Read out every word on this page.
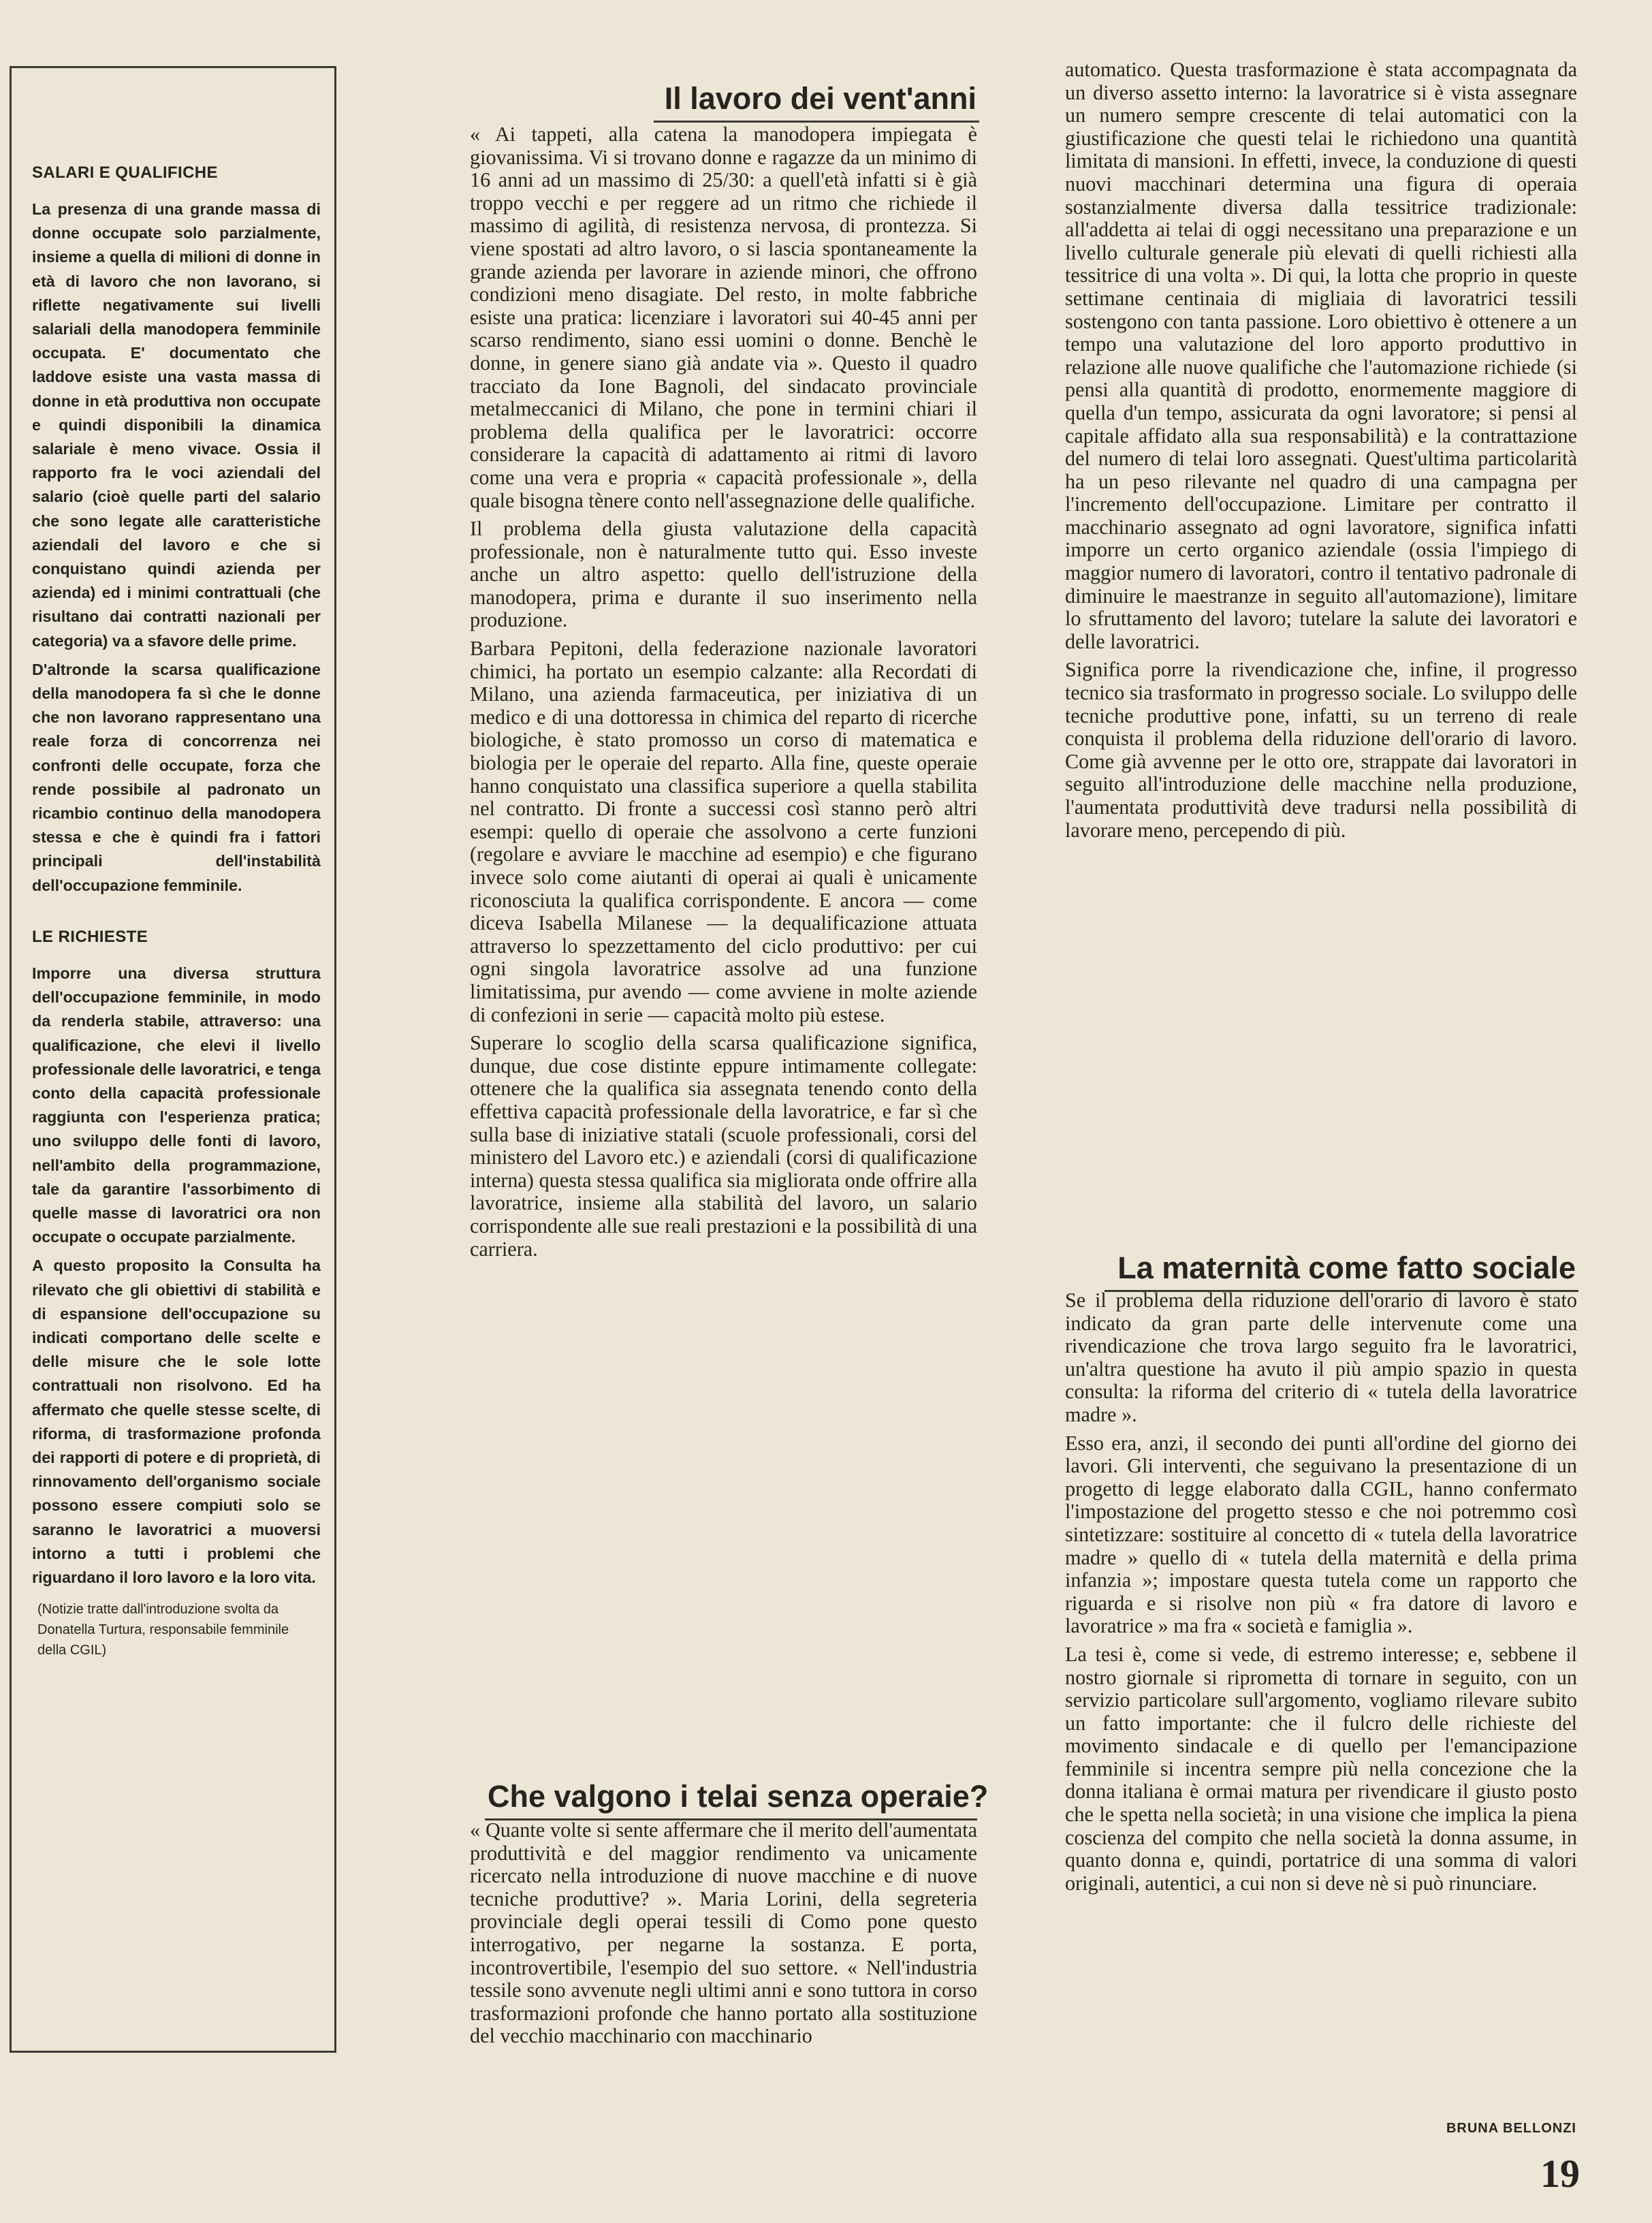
SALARI E QUALIFICHE

La presenza di una grande massa di donne occupate solo parzialmente, insieme a quella di milioni di donne in età di lavoro che non lavorano, si riflette negativamente sui livelli salariali della manodopera femminile occupata. E' documentato che laddove esiste una vasta massa di donne in età produttiva non occupate e quindi disponibili la dinamica salariale è meno vivace. Ossia il rapporto fra le voci aziendali del salario (cioè quelle parti del salario che sono legate alle caratteristiche aziendali del lavoro e che si conquistano quindi azienda per azienda) ed i minimi contrattuali (che risultano dai contratti nazionali per categoria) va a sfavore delle prime.

D'altronde la scarsa qualificazione della manodopera fa sì che le donne che non lavorano rappresentano una reale forza di concorrenza nei confronti delle occupate, forza che rende possibile al padronato un ricambio continuo della manodopera stessa e che è quindi fra i fattori principali dell'instabilità dell'occupazione femminile.

LE RICHIESTE

Imporre una diversa struttura dell'occupazione femminile, in modo da renderla stabile, attraverso: una qualificazione, che elevi il livello professionale delle lavoratrici, e tenga conto della capacità professionale raggiunta con l'esperienza pratica; uno sviluppo delle fonti di lavoro, nell'ambito della programmazione, tale da garantire l'assorbimento di quelle masse di lavoratrici ora non occupate o occupate parzialmente.

A questo proposito la Consulta ha rilevato che gli obiettivi di stabilità e di espansione dell'occupazione su indicati comportano delle scelte e delle misure che le sole lotte contrattuali non risolvono. Ed ha affermato che quelle stesse scelte, di riforma, di trasformazione profonda dei rapporti di potere e di proprietà, di rinnovamento dell'organismo sociale possono essere compiuti solo se saranno le lavoratrici a muoversi intorno a tutti i problemi che riguardano il loro lavoro e la loro vita.

(Notizie tratte dall'introduzione svolta da Donatella Turtura, responsabile femminile della CGIL)
Il lavoro dei vent'anni

« Ai tappeti, alla catena la manodopera impiegata è giovanissima. Vi si trovano donne e ragazze da un minimo di 16 anni ad un massimo di 25/30: a quell'età infatti si è già troppo vecchi e per reggere ad un ritmo che richiede il massimo di agilità, di resistenza nervosa, di prontezza. Si viene spostati ad altro lavoro, o si lascia spontaneamente la grande azienda per lavorare in aziende minori, che offrono condizioni meno disagiate. Del resto, in molte fabbriche esiste una pratica: licenziare i lavoratori sui 40-45 anni per scarso rendimento, siano essi uomini o donne. Benchè le donne, in genere siano già andate via ». Questo il quadro tracciato da Ione Bagnoli, del sindacato provinciale metalmeccanici di Milano, che pone in termini chiari il problema della qualifica per le lavoratrici: occorre considerare la capacità di adattamento ai ritmi di lavoro come una vera e propria « capacità professionale », della quale bisogna tènere conto nell'assegnazione delle qualifiche.

Il problema della giusta valutazione della capacità professionale, non è naturalmente tutto qui. Esso investe anche un altro aspetto: quello dell'istruzione della manodopera, prima e durante il suo inserimento nella produzione.

Barbara Pepitoni, della federazione nazionale lavoratori chimici, ha portato un esempio calzante: alla Recordati di Milano, una azienda farmaceutica, per iniziativa di un medico e di una dottoressa in chimica del reparto di ricerche biologiche, è stato promosso un corso di matematica e biologia per le operaie del reparto. Alla fine, queste operaie hanno conquistato una classifica superiore a quella stabilita nel contratto. Di fronte a successi così stanno però altri esempi: quello di operaie che assolvono a certe funzioni (regolare e avviare le macchine ad esempio) e che figurano invece solo come aiutanti di operai ai quali è unicamente riconosciuta la qualifica corrispondente. E ancora — come diceva Isabella Milanese — la dequalificazione attuata attraverso lo spezzettamento del ciclo produttivo: per cui ogni singola lavoratrice assolve ad una funzione limitatissima, pur avendo — come avviene in molte aziende di confezioni in serie — capacità molto più estese.

Superare lo scoglio della scarsa qualificazione significa, dunque, due cose distinte eppure intimamente collegate: ottenere che la qualifica sia assegnata tenendo conto della effettiva capacità professionale della lavoratrice, e far sì che sulla base di iniziative statali (scuole professionali, corsi del ministero del Lavoro etc.) e aziendali (corsi di qualificazione interna) questa stessa qualifica sia migliorata onde offrire alla lavoratrice, insieme alla stabilità del lavoro, un salario corrispondente alle sue reali prestazioni e la possibilità di una carriera.

Che valgono i telai senza operaie?

« Quante volte si sente affermare che il merito dell'aumentata produttività e del maggior rendimento va unicamente ricercato nella introduzione di nuove macchine e di nuove tecniche produttive? ». Maria Lorini, della segreteria provinciale degli operai tessili di Como pone questo interrogativo, per negarne la sostanza. E porta, incontrovertibile, l'esempio del suo settore. « Nell'industria tessile sono avvenute negli ultimi anni e sono tuttora in corso trasformazioni profonde che hanno portato alla sostituzione del vecchio macchinario con macchinario

automatico. Questa trasformazione è stata accompagnata da un diverso assetto interno: la lavoratrice si è vista assegnare un numero sempre crescente di telai automatici con la giustificazione che questi telai le richiedono una quantità limitata di mansioni. In effetti, invece, la conduzione di questi nuovi macchinari determina una figura di operaia sostanzialmente diversa dalla tessitrice tradizionale: all'addetta ai telai di oggi necessitano una preparazione e un livello culturale generale più elevati di quelli richiesti alla tessitrice di una volta ». Di qui, la lotta che proprio in queste settimane centinaia di migliaia di lavoratrici tessili sostengono con tanta passione. Loro obiettivo è ottenere a un tempo una valutazione del loro apporto produttivo in relazione alle nuove qualifiche che l'automazione richiede (si pensi alla quantità di prodotto, enormemente maggiore di quella d'un tempo, assicurata da ogni lavoratore; si pensi al capitale affidato alla sua responsabilità) e la contrattazione del numero di telai loro assegnati. Quest'ultima particolarità ha un peso rilevante nel quadro di una campagna per l'incremento dell'occupazione. Limitare per contratto il macchinario assegnato ad ogni lavoratore, significa infatti imporre un certo organico aziendale (ossia l'impiego di maggior numero di lavoratori, contro il tentativo padronale di diminuire le maestranze in seguito all'automazione), limitare lo sfruttamento del lavoro; tutelare la salute dei lavoratori e delle lavoratrici.

Significa porre la rivendicazione che, infine, il progresso tecnico sia trasformato in progresso sociale. Lo sviluppo delle tecniche produttive pone, infatti, su un terreno di reale conquista il problema della riduzione dell'orario di lavoro. Come già avvenne per le otto ore, strappate dai lavoratori in seguito all'introduzione delle macchine nella produzione, l'aumentata produttività deve tradursi nella possibilità di lavorare meno, percependo di più.

La maternità come fatto sociale

Se il problema della riduzione dell'orario di lavoro è stato indicato da gran parte delle intervenute come una rivendicazione che trova largo seguito fra le lavoratrici, un'altra questione ha avuto il più ampio spazio in questa consulta: la riforma del criterio di « tutela della lavoratrice madre ».

Esso era, anzi, il secondo dei punti all'ordine del giorno dei lavori. Gli interventi, che seguivano la presentazione di un progetto di legge elaborato dalla CGIL, hanno confermato l'impostazione del progetto stesso e che noi potremmo così sintetizzare: sostituire al concetto di « tutela della lavoratrice madre » quello di « tutela della maternità e della prima infanzia »; impostare questa tutela come un rapporto che riguarda e si risolve non più « fra datore di lavoro e lavoratrice » ma fra « società e famiglia ».

La tesi è, come si vede, di estremo interesse; e, sebbene il nostro giornale si riprometta di tornare in seguito, con un servizio particolare sull'argomento, vogliamo rilevare subito un fatto importante: che il fulcro delle richieste del movimento sindacale e di quello per l'emancipazione femminile si incentra sempre più nella concezione che la donna italiana è ormai matura per rivendicare il giusto posto che le spetta nella società; in una visione che implica la piena coscienza del compito che nella società la donna assume, in quanto donna e, quindi, portatrice di una somma di valori originali, autentici, a cui non si deve nè si può rinunciare.

BRUNA BELLONZI
19
